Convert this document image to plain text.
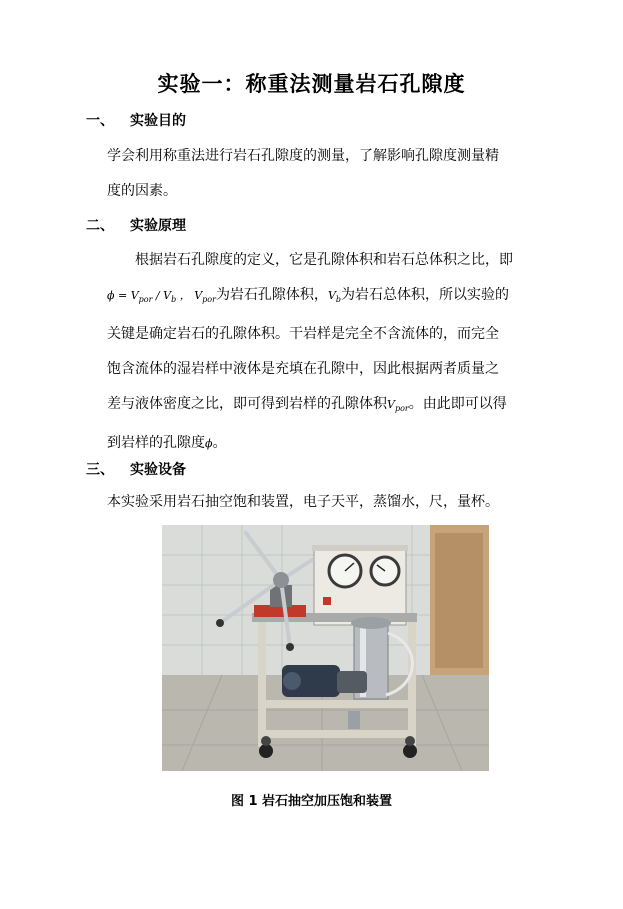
实验一：称重法测量岩石孔隙度
一、 实验目的
学会利用称重法进行岩石孔隙度的测量，了解影响孔隙度测量精
度的因素。
二、 实验原理
根据岩石孔隙度的定义，它是孔隙体积和岩石总体积之比，即
$\phi = V_{por} / V_b$ ， $V_{por}$为岩石孔隙体积，$V_b$为岩石总体积，所以实验的
关键是确定岩石的孔隙体积。干岩样是完全不含流体的，而完全
饱含流体的湿岩样中液体是充填在孔隙中，因此根据两者质量之
差与液体密度之比，即可得到岩样的孔隙体积$V_{por}$。由此即可以得
到岩样的孔隙度ϕ。
三、 实验设备
本实验采用岩石抽空饱和装置，电子天平，蒸馏水，尺，量杯。
图 1 岩石抽空加压饱和装置
